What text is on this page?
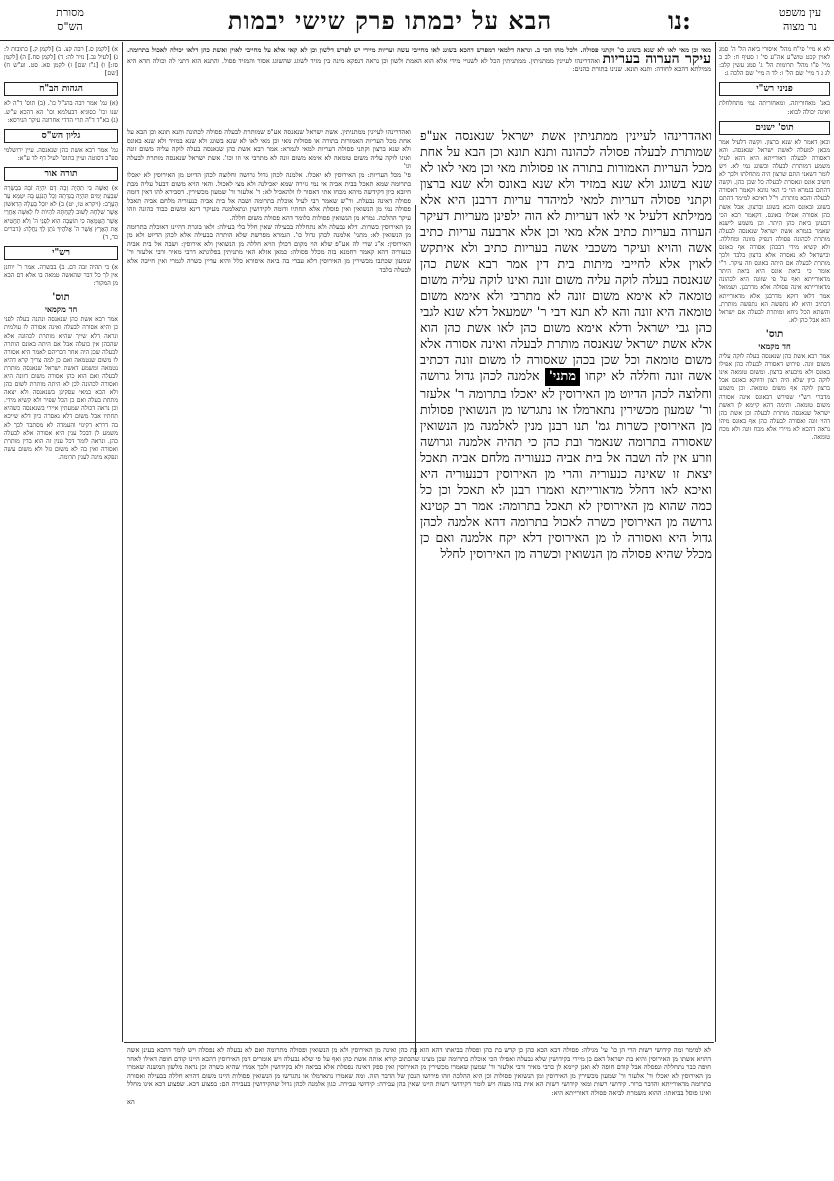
מסורת
הש"ס	הבא על יבמתו פרק שישי יבמות	נו:	עין משפט
נר מצוה
א) [לקמן ס.] רבה קצ. ב) [לקמן ק.] כתובות ל: ג) [לעיל נב.] נזיר לה: ד) [לקמן סח.] ה) [לקמן סז:] ו) [ג"ז שם] ז) לקמן סא. סט. וע"ש ח) [שם]
הגהות הב"ח
(א) גמ' אמר רבה בהנ"ל כו'. (ב) תוס' ד"ה לא שנו וכו' כסוגיא דבעלמא וכו' הא דהכא ע"ש. (ג) בא"ד ד"ה תרי הדדי אחרונה עיקר הגירסא:
גליון הש"ס
גמ' אמר רבא אשת כהן שנאנסה. עיין ירושלמי ספ"ב דסוטה ועיין בתוס' לעיל דף לד ע"א:
תורה אור
א) וְאִשָּׁה כִּי תִהְיֶה זָבָה דָּם יִהְיֶה זֹבָהּ בִּבְשָׂרָהּ שִׁבְעַת יָמִים תִּהְיֶה בְנִדָּתָהּ וְכָל הַנֹּגֵעַ בָּהּ יִטְמָא עַד הָעָרֶב: (ויקרא טו, יט) ב) לֹא יוּכַל בַּעְלָהּ הָרִאשׁוֹן אֲשֶׁר שִׁלְּחָהּ לָשׁוּב לְקַחְתָּהּ לִהְיוֹת לוֹ לְאִשָּׁה אַחֲרֵי אֲשֶׁר הֻטַּמָּאָה כִּי תוֹעֵבָה הִוא לִפְנֵי ה' וְלֹא תַחֲטִיא אֶת הָאָרֶץ אֲשֶׁר ה' אֱלֹהֶיךָ נֹתֵן לְךָ נַחֲלָה: (דברים כד, ד)
רש"י
א) כי תהיה זבה דם. ב) בבשרה. אמר ר' יוחנן אין לך כל דבר שהאשה טמאה בו אלא דם הבא מן המקור:
תוס'
חד מקמאי
אמר רבא אשת כהן שנאנסה ונתנה בעלה לפני כן והיא אסורה לבעלה ואינה אסורה לו עולמית ונראה דלא שייך שהיא מותרת לכהונה אלא שהכהן אין בועלה אבל אם היתה באונס הותרה לבעלה שכן היה אחר דבריהם לאמר היא אסורה לו משום שנטמאה ואם כן למה צריך קרא דהיא נטמאה ומשמע דאשת ישראל שנאנסה מותרת לבעלה ואם הוא כהן אסורה משום דזונה היא ואסורה לכהונה לכן לא היתה מותרת לשום כהן ולא הכא במאי עסקינן בשנאנסה ולא יצאה מתחת בעלה ואם כן הכל שפיר ולא קשיא מידי. וכן נראה דכולה שמעתין איירי בשנאנסה כשהיא תחתיו אבל משום דלא נאסרה כיון דלא שייכא בה דררא דקינוי והעמדה לא מסתבר לכך לא משמע לן דבכל ענין היא אסורה אלא לבעלה כהן. ונראה לומר דכל ענין זה הוא בדין מותרת ואסורה ואין בה לא משום גזל ולא משום עשה ונפקא מינה לענין תרומה.
מאי וכן מאי לאו לא שנא בשוגג כו' וקתני פסולה. ולכל מהו הכי ב. ונראה דלמאי דמפרש דהכא בשוגג לאו מחייבי עשה ועריות מיירי יש לפרש דלשון וכן לא קאי אלא על מחייבי לאוין ואשת כהן דלאו יכולה לאכול בתרומה. עיקר הערוה בעריות ואהדרינהו לעיינין ממתניתין. ממתניתין הכל לא לשנויי מידי אלא הוא האמת ולשון וכן נראה דנפקא מינה בין מזיד לשוגג שהשוגג אסור והמזיד פסול. והתנא הוא דתני לה וכולה חדא היא ממילתא דהכא לחודה: ותנא תונא. שנינו בתורת כהנים:
ואהדרינהו לעיינין ממתניתין. אשת ישראל שנאנסה אע"פ שמותרת לבעלה פסולה לכהונה ותנא תונא וכן הבא על אחת מכל העריות האמורות בתורה או פסולות מאי וכן מאי לאו לא שנא בשוגג ולא שנא במזיד ולא שנא באונס ולא שנא ברצון וקתני פסולה דעריות למאי לגמרא: אמר רבא אשת כהן שנאנסה בעלה לוקה עליה משום זונה ואינו לוקה עליה משום טומאה לא אימא משום זונה לא מתרבי אי וזו וכו'. אשת ישראל שנאנסה מותרת לבעלה וגו'
פי' מכל העריות: מן האירוסין לא יאכלו. אלמנה לכהן גדול גרושה וחלוצה לכהן הדיוט מן האירוסין לא יאכלו בתרומה שמא תאכל בבית אביה אי נמי גזירה שמא יאכילנה ולא מצי לאכול. והאי הויא משום דבעל עליה מבת חיובא כיון דקידשה מיהא מכחו אתי דאסור לו ולהאכיל לא: ר' אלעזר ור' שמעון מכשירין. דסבירא להו דאין דומה פסולה דאינה נבעלת. ור"ש שאמר רבי לעיל אוכלת בתרומה ושבה אל בית אביה כנעוריה מלחם אביה תאכל פסולה נמי מן הנשואין ואין פוסלת אלא תחתיו ודומה לקידושין ונתאלמנה מעיקר דינא ומשום כבוד כהונה וזהו עיקר ההלכה. גמרא מן הנשואין פסולות כלומר דהא פסולה משום חללה.
מן האירוסין כשרות. דלא נבעלה ולא נתחללה בבעילה שאין חלל בלי בעילה: ולאו בוגרת דהיינו דאוכלת בתרומה מן הנשואין לא: מתני' אלמנה לכהן גדול כו'. הגמרא מפרשת שלא הותרה בבעילה אלא לכהן הדיוט ולא מן האירוסין: א"נ שרי לה אע"פ שלא הוי מקום דכולן הויא חללה מן הנשואין ולא אירוסין: ושבה אל בית אביה כנעוריה דהא קאמר רחמנא בזה מכלל פסולה: כמאן אזלא האי מתניתין בפלוגתא דרבי מאיר ורבי אלעזר ור' שמעון שכתבו מכשירין מן האירוסין דלא עבדי בה ביאה איסורא כלל והיא עדיין כשרה לגמרי ואין חייבה אלא לבעלה בלבד
ואהדרינהו לעיינין ממתניתין אשת ישראל שנאנסה אע"פ שמותרת לבעלה פסולה לכהונה ותנא תונא וכן הבא על אחת מכל העריות האמורות בתורה או פסולות מאי וכן מאי לאו לא שנא בשוגג ולא שנא במזיד ולא שנא באונס ולא שנא ברצון וקתני פסולה דעריות למאי למיהדר עריות דרבנן היא אלא ממילתא דלעיל אי לאו דעריות לא הוה ילפינן מעריות דעיקר הערוה בעריות כתיב אלא מאי וכן אלא ארבעה עריות כתיב אשה והויא ועיקר משכבי אשה בעריות כתיב ולא איתקש לאוין אלא לחייבי מיתות בית דין אמר רבא אשת כהן שנאנסה בעלה לוקה עליה משום זונה ואינו לוקה עליה משום טומאה לא אימא משום זונה לא מתרבי ולא אימא משום טומאה היא זונה והא לא תנא דבי ר' ישמעאל דלא שנא לגבי כהן גבי ישראל ודלא אימא משום כהן לאו אשת כהן הוא אלא אשת ישראל שנאנסה מותרת לבעלה ואינה אסורה אלא משום טומאה וכל שכן בכהן שאסורה לו משום זונה דכתיב אשה זונה וחללה לא יקחו מתני' אלמנה לכהן גדול גרושה וחלוצה לכהן הדיוט מן האירוסין לא יאכלו בתרומה ר' אלעזר ור' שמעון מכשירין נתארמלו או נתגרשו מן הנשואין פסולות מן האירוסין כשרות גמ' תנו רבנן מנין לאלמנה מן הנשואין שאסורה בתרומה שנאמר ובת כהן כי תהיה אלמנה וגרושה וזרע אין לה ושבה אל בית אביה כנעוריה מלחם אביה תאכל יצאת זו שאינה כנעוריה והרי מן האירוסין דכנעוריה היא ואיכא לאו דחלל מדאורייתא ואמרו רבנן לא תאכל וכן כל כמה שהוא מן האירוסין לא תאכל בתרומה: אמר רב קטינא גרושה מן האירוסין כשרה לאכול בתרומה דהא אלמנה לכהן גדול היא ואסורה לו מן האירוסין דלא יקח אלמנה ואם כן מכלל שהיא פסולה מן הנשואין וכשרה מן האירוסין לחלל
לא א מיי' פי"ח מהל' איסורי ביאה הל' ה' סמג לאוין קכט טוש"ע אה"ע סי' ו סעיף ח: לב ב מיי' פ"ו מהל' תרומות הל' ג' סמג עשין קלב: לג ג ד מיי' שם הל' ו: לד ה מיי' שם הלכה ג:
פניני רש"י
באנ' מאחוריתה. ומאחוריתה נמי מתחלחלת ואינה יכולה לבוא:
תוס' ישנים
וכאן דאמר לא שנא ברצון. וקשה דלעיל אמר מכאן למעלה לאשת ישראל שנאנסה. והא דאסורה לבעלה דאורייתא היא דהא לעיל משמע דמותרת לבעלה ובשוגג נמי לא. ויש לומר דשאני התם שרצון היה מתחלתו ולכך לא חשיב אונס ונאסרת לבעלה כל שכן כהן. וקשה דהתם בגמרא הוי כי האי גוונא וקאמר דאסורה לבעלה והכא מותרת. וי"ל דאיכא למימר דהתם בשוגג ובאונס והכא בשוגג וברצון. אבל אשת כהן אסורה אפילו באונס. דקאמר רבא הכי דבעינן ביאת כהן היתר. וכן משמע לישנא שאמר בגמרא אשת ישראל שנאנסה לבעלה מותרת לכהונה פסולה דנפיק מזונה ומחללה. ולא קשיא מידי דבכהן אסורה אף באונס ובישראל לא נאסרה אלא ברצון בלבד ולכך מותרת לבעלה אם היתה באונס וזה עיקר. ר"י אומר כי ביאת אונס היא ביאת היתר מדאורייתא ואף על פי שזונה היא לכהונה מדאורייתא אינה פסולה אלא מדרבנן. ושמואל אמר דלאו דוקא מדרבנן אלא מדאורייתא דכתיב והיא לא נתפשה הא נתפשה מותרת. והשתא הכל ניחא ומותרת לבעלה אם ישראל הוא אבל כהן לא.
תוס'
חד מקמאי
אמר רבא אשת כהן שנאנסה בעלה לוקה עליה משום זונה. פירוש דאסורה לבעלה כהן אפילו באונס ולא מיבעיא ברצון. ומשום טומאה אינו לוקה כיון שלא היה רצון ודווקא באונס אבל ברצון לוקה אף משום טומאה. וכן משמע מדברי רש"י שפירש דבאונס אינה אסורה משום טומאה. ותימה דהא קיימא לן דאשת ישראל שנאנסה מותרת לבעלה וכן אשת כהן דהוי זונה ואסורה לבעלה כהן אף באונס מיהו נראה דהכא לא מיירי אלא מכח זונה ולא מכח טומאה.
לא למימר ומה קידושי רשות הרי הן כו' עי' מגילה: פסולה דבא הכא כהן כן קדש בת כהן ופסלה בביאתו דהא הוא בת כהן ואינה מן האירוסין ולא מן הנשואין ופסולה מתרומה ואם לא נבעלה לא נפסלה ויש לומר דהכא בעינן אשה דהויא אשתו מן האירוסין והיא בת ישראל דאם כן מיירי בקידושין שלא נבעלה ואפילו הכי אוכלת בתרומה שכן מצינו שהכתוב קורא אותה אשת כהן ואף על פי שלא נבעלה ויש אומרים דמן האירוסין דהכא היינו קודם חופה דאילו לאחר חופה כבר נתחללה ונפסלה אבל קודם חופה לא ואנן קיימא לן כרבי מאיר ורבי אלעזר ור' שמעון שאמרו מכשירין מן האירוסין ואין ספק דאינה נפסלת אלא בביאה ולא בקידושין ולכך אמרו שהיא כשרה וכן נראה מלשון המשנה שאמרו מן האירוסין לא יאכלו ור' אלעזר ור' שמעון מכשירין מן האירוסין ומן הנשואין פסולות וכן היא ההלכה וזהו פירושו הנכון של הדבר הזה. ומה שאמרו נתארמלו או נתגרשו מן הנשואין פסולות היינו משום דהויא חללה בבעילה ואסורה בתרומה מדאורייתא והדבר ברור. קידושי רשות ומאי קידושי רשות הא אית בהו מצוה ויש לומר דקידושי רשות היינו שאין בהן עבירה: קידושי עבירה. כגון אלמנה לכהן גדול שהקידושין בעבירה הם: בפצוע דכא. שפצוע דכא אינו מחלל ואינו פוסל בביאתו: ההוא משמרת לביאה פסולה דאורייתא היא:
הא
